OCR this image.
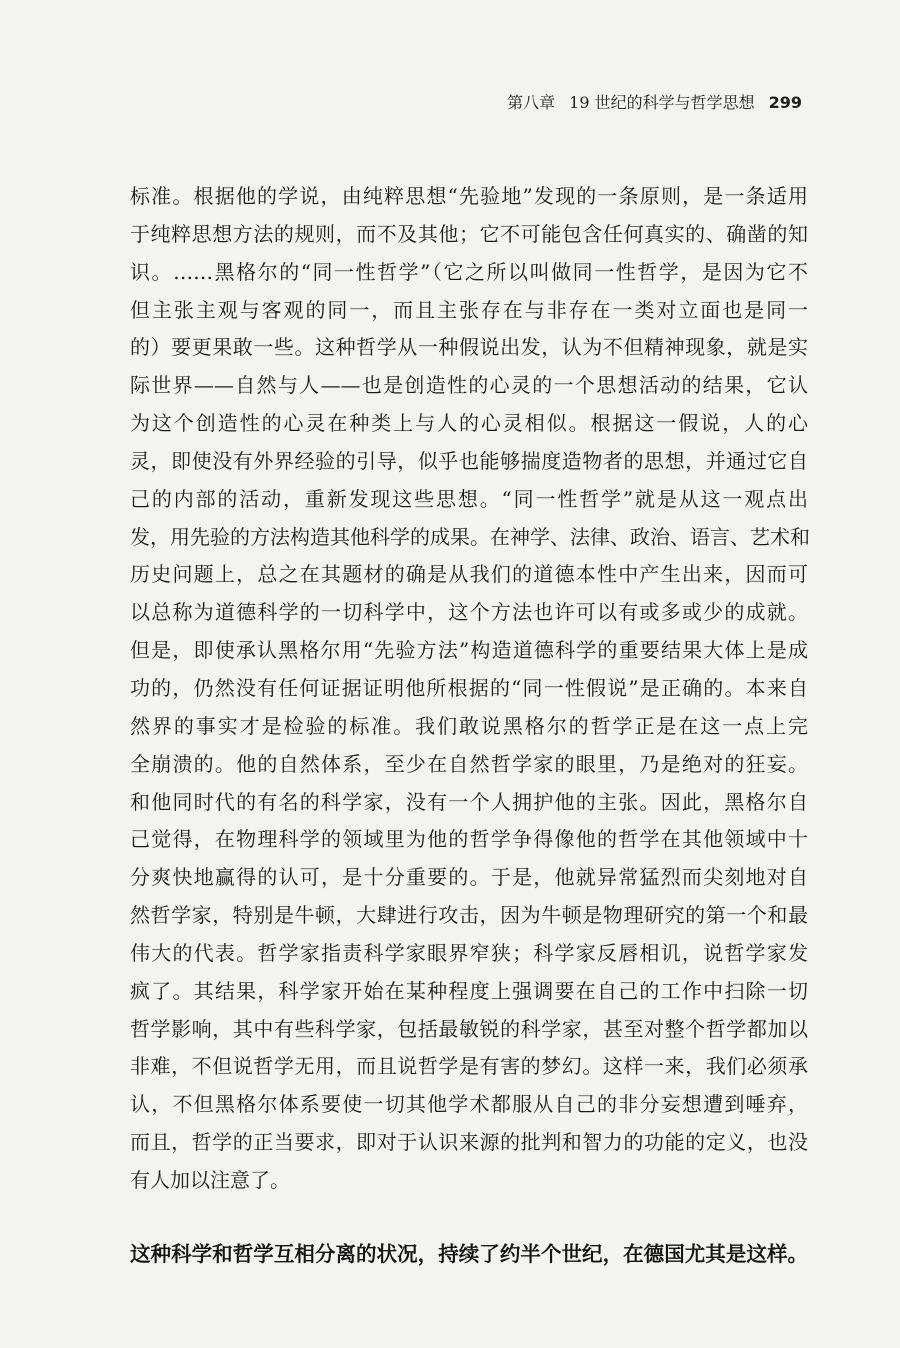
第八章 19 世纪的科学与哲学思想 299
标准。根据他的学说，由纯粹思想“先验地”发现的一条原则，是一条适用
于纯粹思想方法的规则，而不及其他；它不可能包含任何真实的、确凿的知
识。……黑格尔的“同一性哲学”（它之所以叫做同一性哲学，是因为它不
但主张主观与客观的同一，而且主张存在与非存在一类对立面也是同一
的）要更果敢一些。这种哲学从一种假说出发，认为不但精神现象，就是实
际世界——自然与人——也是创造性的心灵的一个思想活动的结果，它认
为这个创造性的心灵在种类上与人的心灵相似。根据这一假说，人的心
灵，即使没有外界经验的引导，似乎也能够揣度造物者的思想，并通过它自
己的内部的活动，重新发现这些思想。“同一性哲学”就是从这一观点出
发，用先验的方法构造其他科学的成果。在神学、法律、政治、语言、艺术和
历史问题上，总之在其题材的确是从我们的道德本性中产生出来，因而可
以总称为道德科学的一切科学中，这个方法也许可以有或多或少的成就。
但是，即使承认黑格尔用“先验方法”构造道德科学的重要结果大体上是成
功的，仍然没有任何证据证明他所根据的“同一性假说”是正确的。本来自
然界的事实才是检验的标准。我们敢说黑格尔的哲学正是在这一点上完
全崩溃的。他的自然体系，至少在自然哲学家的眼里，乃是绝对的狂妄。
和他同时代的有名的科学家，没有一个人拥护他的主张。因此，黑格尔自
己觉得，在物理科学的领域里为他的哲学争得像他的哲学在其他领域中十
分爽快地赢得的认可，是十分重要的。于是，他就异常猛烈而尖刻地对自
然哲学家，特别是牛顿，大肆进行攻击，因为牛顿是物理研究的第一个和最
伟大的代表。哲学家指责科学家眼界窄狭；科学家反唇相讥，说哲学家发
疯了。其结果，科学家开始在某种程度上强调要在自己的工作中扫除一切
哲学影响，其中有些科学家，包括最敏锐的科学家，甚至对整个哲学都加以
非难，不但说哲学无用，而且说哲学是有害的梦幻。这样一来，我们必须承
认，不但黑格尔体系要使一切其他学术都服从自己的非分妄想遭到唾弃，
而且，哲学的正当要求，即对于认识来源的批判和智力的功能的定义，也没
有人加以注意了。
这种科学和哲学互相分离的状况，持续了约半个世纪，在德国尤其是这样。
